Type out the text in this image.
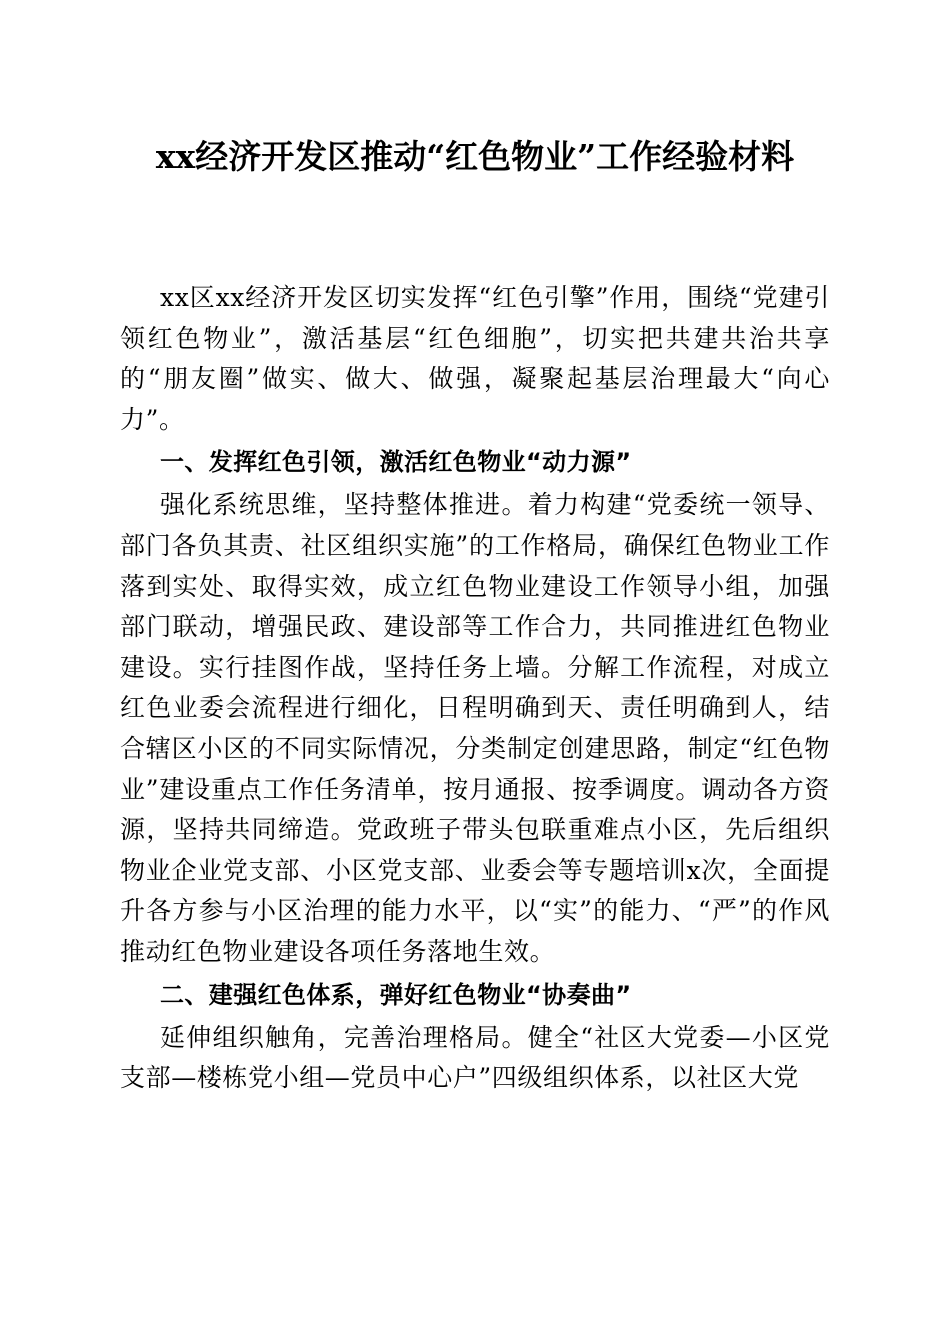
xx经济开发区推动“红色物业”工作经验材料

xx区xx经济开发区切实发挥“红色引擎”作用，围绕“党建引领红色物业”，激活基层“红色细胞”，切实把共建共治共享的“朋友圈”做实、做大、做强，凝聚起基层治理最大“向心力”。

一、发挥红色引领，激活红色物业“动力源”

强化系统思维，坚持整体推进。着力构建“党委统一领导、部门各负其责、社区组织实施”的工作格局，确保红色物业工作落到实处、取得实效，成立红色物业建设工作领导小组，加强部门联动，增强民政、建设部等工作合力，共同推进红色物业建设。实行挂图作战，坚持任务上墙。分解工作流程，对成立红色业委会流程进行细化，日程明确到天、责任明确到人，结合辖区小区的不同实际情况，分类制定创建思路，制定“红色物业”建设重点工作任务清单，按月通报、按季调度。调动各方资源，坚持共同缔造。党政班子带头包联重难点小区，先后组织物业企业党支部、小区党支部、业委会等专题培训x次，全面提升各方参与小区治理的能力水平，以“实”的能力、“严”的作风推动红色物业建设各项任务落地生效。

二、建强红色体系，弹好红色物业“协奏曲”

延伸组织触角，完善治理格局。健全“社区大党委—小区党支部—楼栋党小组—党员中心户”四级组织体系，以社区大党
